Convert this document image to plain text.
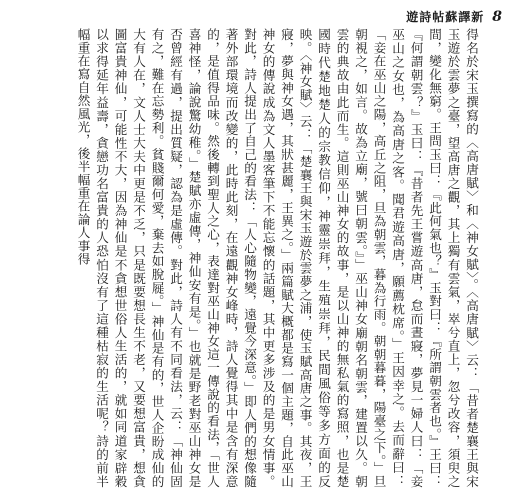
遊詩帖蘇譯新 8

得名於宋玉撰寫的〈高唐賦〉和〈神女賦〉。〈高唐賦〉云：「昔者楚襄王與宋玉遊於雲夢之臺，望高唐之觀，其上獨有雲氣，崒兮直上，忽兮改容，須臾之間，變化無窮。王問玉曰：『此何氣也？』玉對曰：『所謂朝雲者也。』王曰：『何謂朝雲？』玉曰：『昔者先王嘗遊高唐，怠而晝寢，夢見一婦人曰：「妾巫山之女也，為高唐之客。聞君遊高唐，願薦枕席。」王因幸之。去而辭曰：「妾在巫山之陽，高丘之阻，旦為朝雲，暮為行雨。朝朝暮暮，陽臺之下。」旦朝視之，如言。故為立廟，號曰朝雲。』」巫山神女廟朝名朝雲，建置以久。朝雲的典故由此而生。這則巫山神女的故事，是以山神的無私氣的寫照，也是楚國時代楚地楚人的宗教信仰，神靈崇拜，生殖崇拜，民間風俗等多方面的反映。〈神女賦〉云：「楚襄王與宋玉遊於雲夢之浦，使玉賦高唐之事。其夜，王寢，夢與神女遇，其狀甚麗，王異之。」兩篇賦大概都是寫一個主題，自此巫山神女的傳說成為文人墨客筆下不能忘懷的話題，其中更多涉及的是男女情事。對此，詩人提出了自己的看法：「人心隨物變，遠覺今深意。」即人們的想像隨著外部環境而改變的，此時此刻，在遠觀神女峰時，詩人覺得其中是含有深意的，是值得品味。然後轉到聖人之心，表達對巫山神女這一傳說的看法，「世人喜神怪，論說驚幼稚。」楚賦亦虛傳，神仙安有是。」也就是野老對巫山神女是否曾經有過，提出質疑，認為是虛傳。對此，詩人有不同看法，云：「神仙固有之，難在忘勢利。貧賤爾何愛，棄去如脫屣。」神仙是有的，世人企盼成仙的大有人在，文人士大夫中更是不乏，只是既要想長生不老，又要想富貴，想貪圖富貴神仙，可能性不大，因為神仙是不貪想世俗人生活的，就如同道家辟穀以求得延年益壽，貪戀功名富貴的人恐怕沒有了這種枯寂的生活呢？詩的前半幅重在寫自然風光，後半幅重在論人事得
